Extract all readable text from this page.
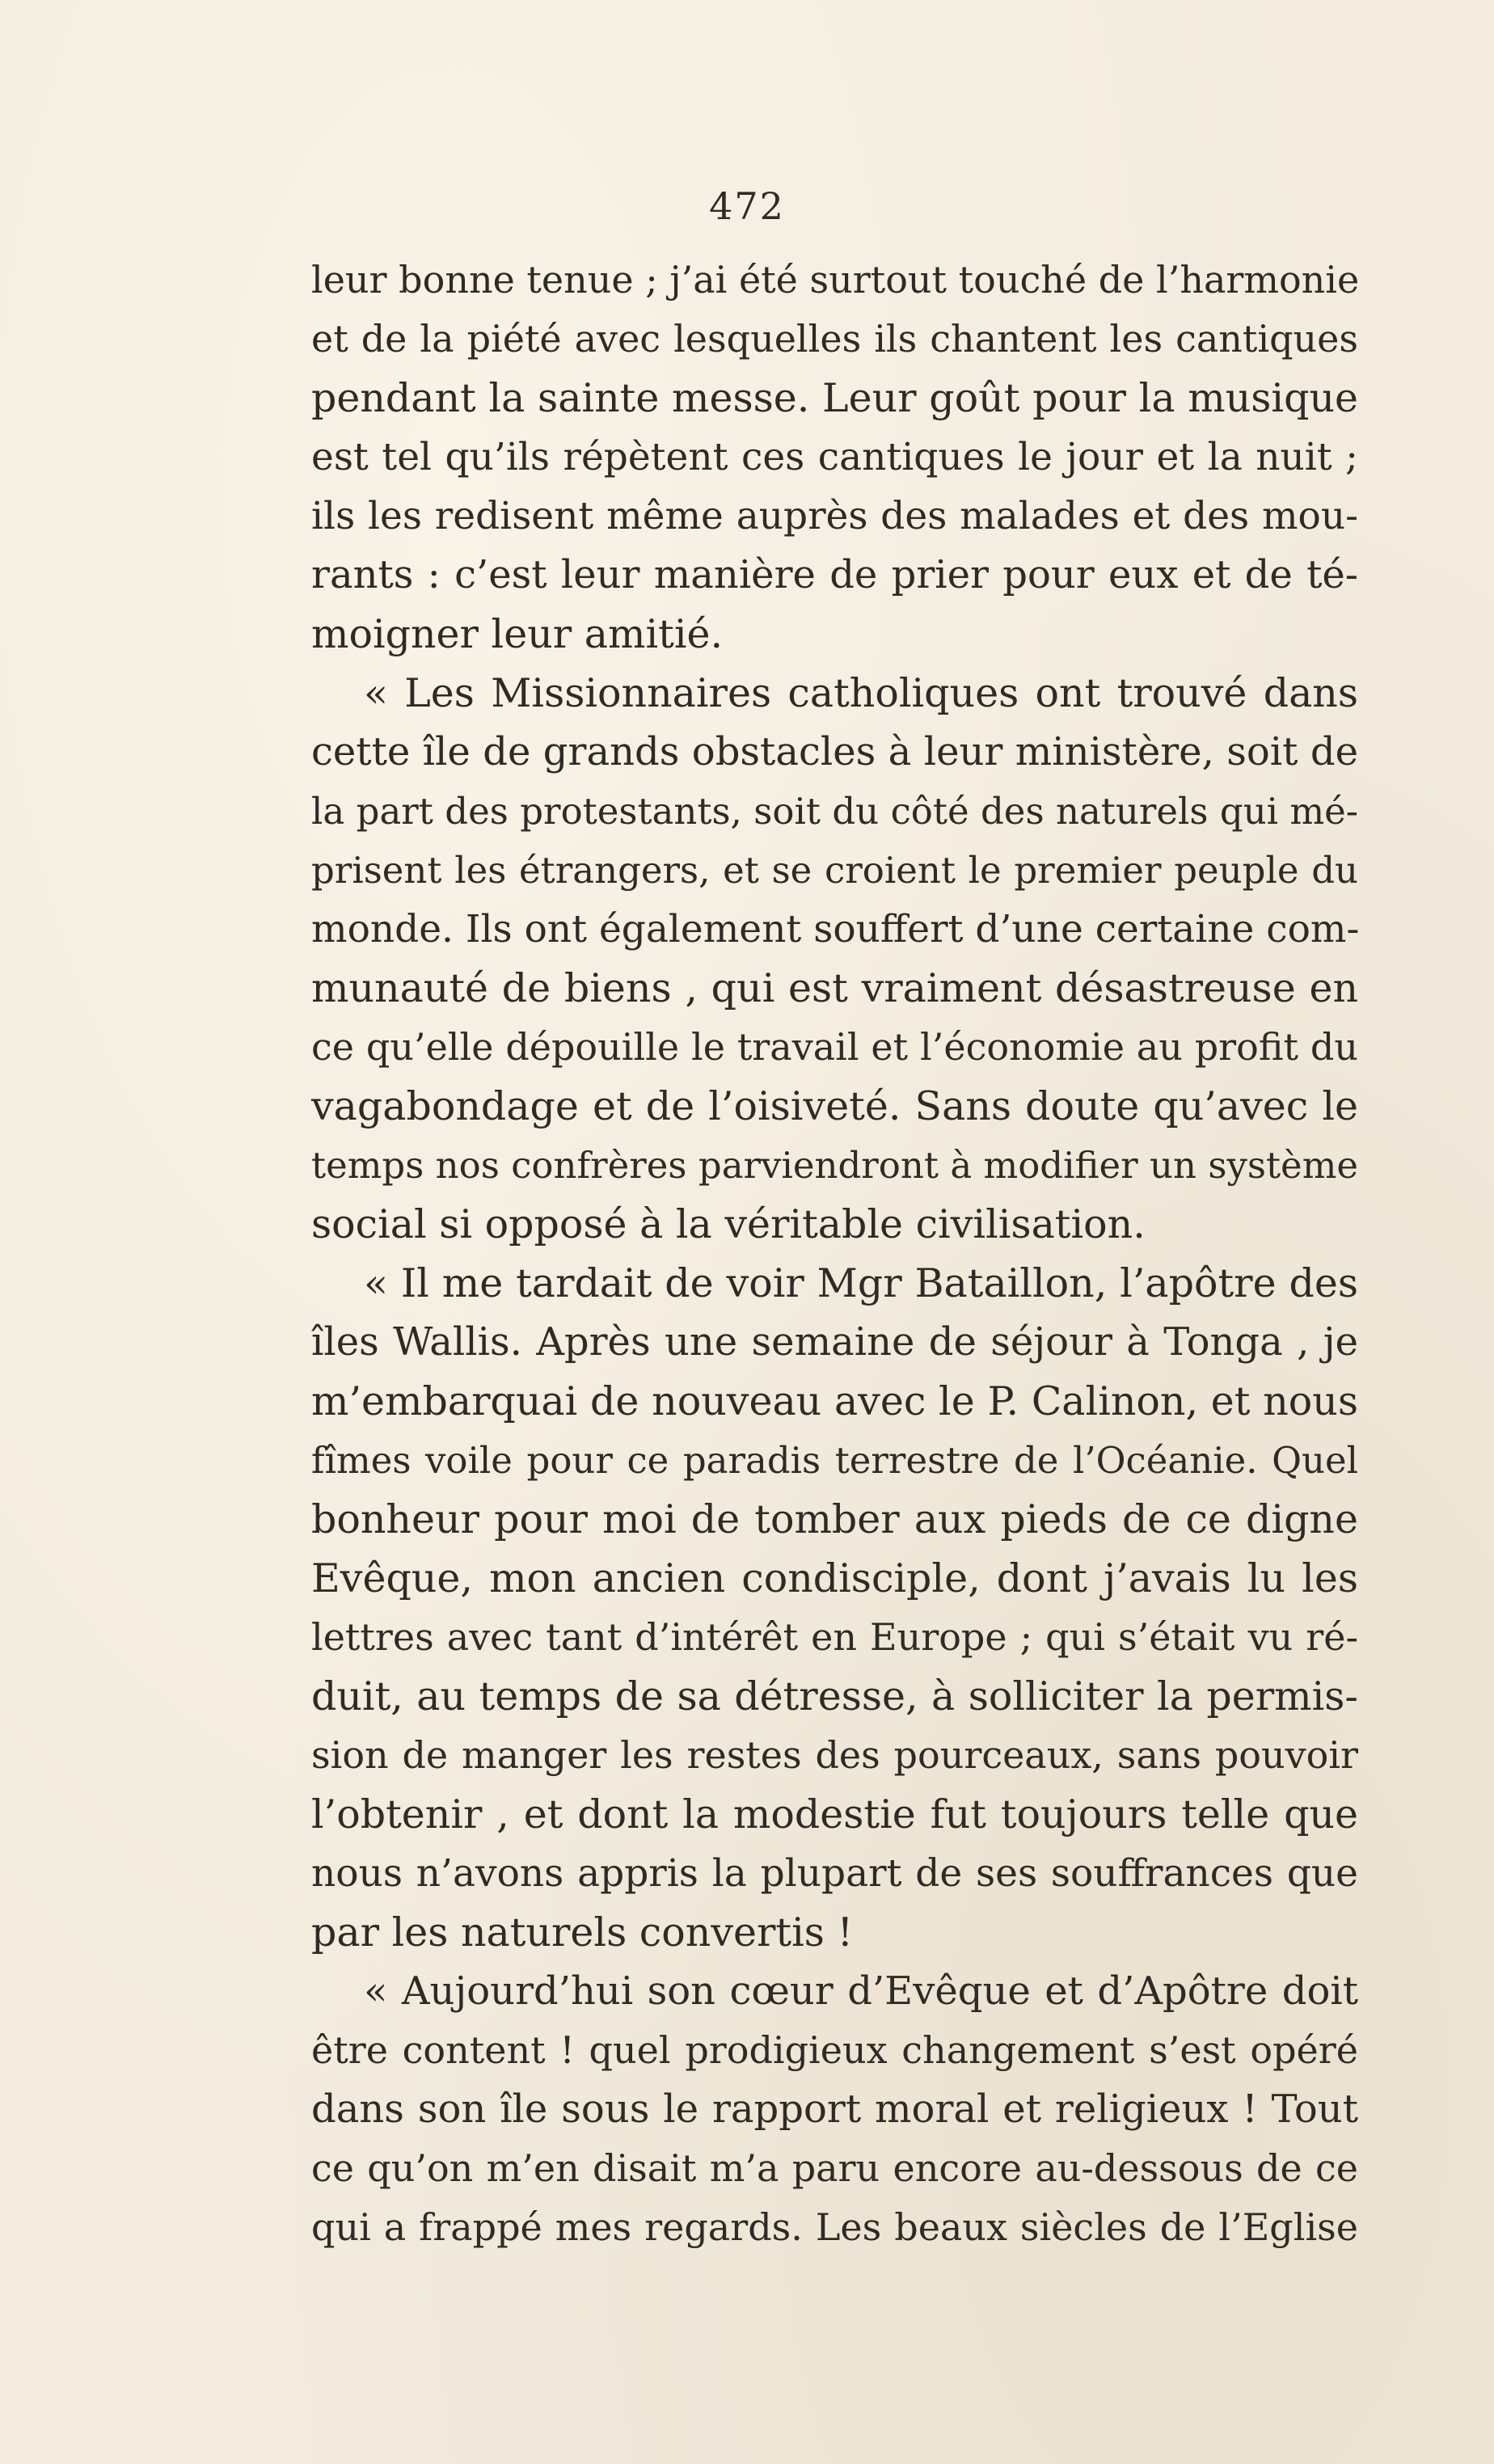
472
leur bonne tenue ; j’ai été surtout touché de l’harmonie
et de la piété avec lesquelles ils chantent les cantiques
pendant la sainte messe. Leur goût pour la musique
est tel qu’ils répètent ces cantiques le jour et la nuit ;
ils les redisent même auprès des malades et des mou-
rants : c’est leur manière de prier pour eux et de té-
moigner leur amitié.
« Les Missionnaires catholiques ont trouvé dans
cette île de grands obstacles à leur ministère, soit de
la part des protestants, soit du côté des naturels qui mé-
prisent les étrangers, et se croient le premier peuple du
monde. Ils ont également souffert d’une certaine com-
munauté de biens , qui est vraiment désastreuse en
ce qu’elle dépouille le travail et l’économie au profit du
vagabondage et de l’oisiveté. Sans doute qu’avec le
temps nos confrères parviendront à modifier un système
social si opposé à la véritable civilisation.
« Il me tardait de voir Mgr Bataillon, l’apôtre des
îles Wallis. Après une semaine de séjour à Tonga , je
m’embarquai de nouveau avec le P. Calinon, et nous
fîmes voile pour ce paradis terrestre de l’Océanie. Quel
bonheur pour moi de tomber aux pieds de ce digne
Evêque, mon ancien condisciple, dont j’avais lu les
lettres avec tant d’intérêt en Europe ; qui s’était vu ré-
duit, au temps de sa détresse, à solliciter la permis-
sion de manger les restes des pourceaux, sans pouvoir
l’obtenir , et dont la modestie fut toujours telle que
nous n’avons appris la plupart de ses souffrances que
par les naturels convertis !
« Aujourd’hui son cœur d’Evêque et d’Apôtre doit
être content ! quel prodigieux changement s’est opéré
dans son île sous le rapport moral et religieux ! Tout
ce qu’on m’en disait m’a paru encore au-dessous de ce
qui a frappé mes regards. Les beaux siècles de l’Eglise
